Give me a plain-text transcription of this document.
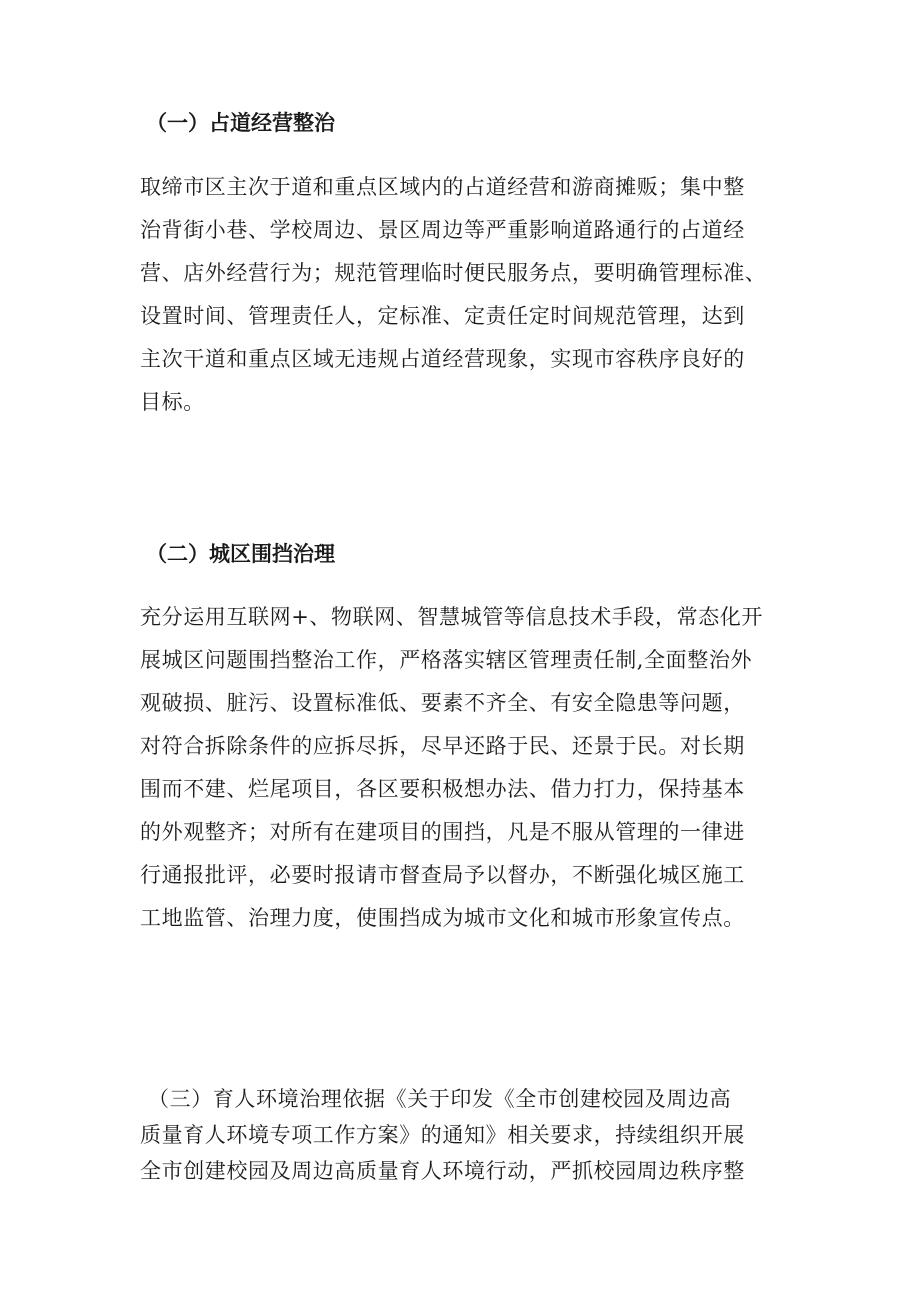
（一）占道经营整治
取缔市区主次于道和重点区域内的占道经营和游商摊贩；集中整
治背街小巷、学校周边、景区周边等严重影响道路通行的占道经
营、店外经营行为；规范管理临时便民服务点，要明确管理标准、
设置时间、管理责任人，定标准、定责任定时间规范管理，达到
主次干道和重点区域无违规占道经营现象，实现市容秩序良好的
目标。
（二）城区围挡治理
充分运用互联网+、物联网、智慧城管等信息技术手段，常态化开
展城区问题围挡整治工作，严格落实辖区管理责任制,全面整治外
观破损、脏污、设置标准低、要素不齐全、有安全隐患等问题，
对符合拆除条件的应拆尽拆，尽早还路于民、还景于民。对长期
围而不建、烂尾项目，各区要积极想办法、借力打力，保持基本
的外观整齐；对所有在建项目的围挡，凡是不服从管理的一律进
行通报批评，必要时报请市督查局予以督办，不断强化城区施工
工地监管、治理力度，使围挡成为城市文化和城市形象宣传点。
（三）育人环境治理依据《关于印发《全市创建校园及周边高
质量育人环境专项工作方案》的通知》相关要求，持续组织开展
全市创建校园及周边高质量育人环境行动，严抓校园周边秩序整
